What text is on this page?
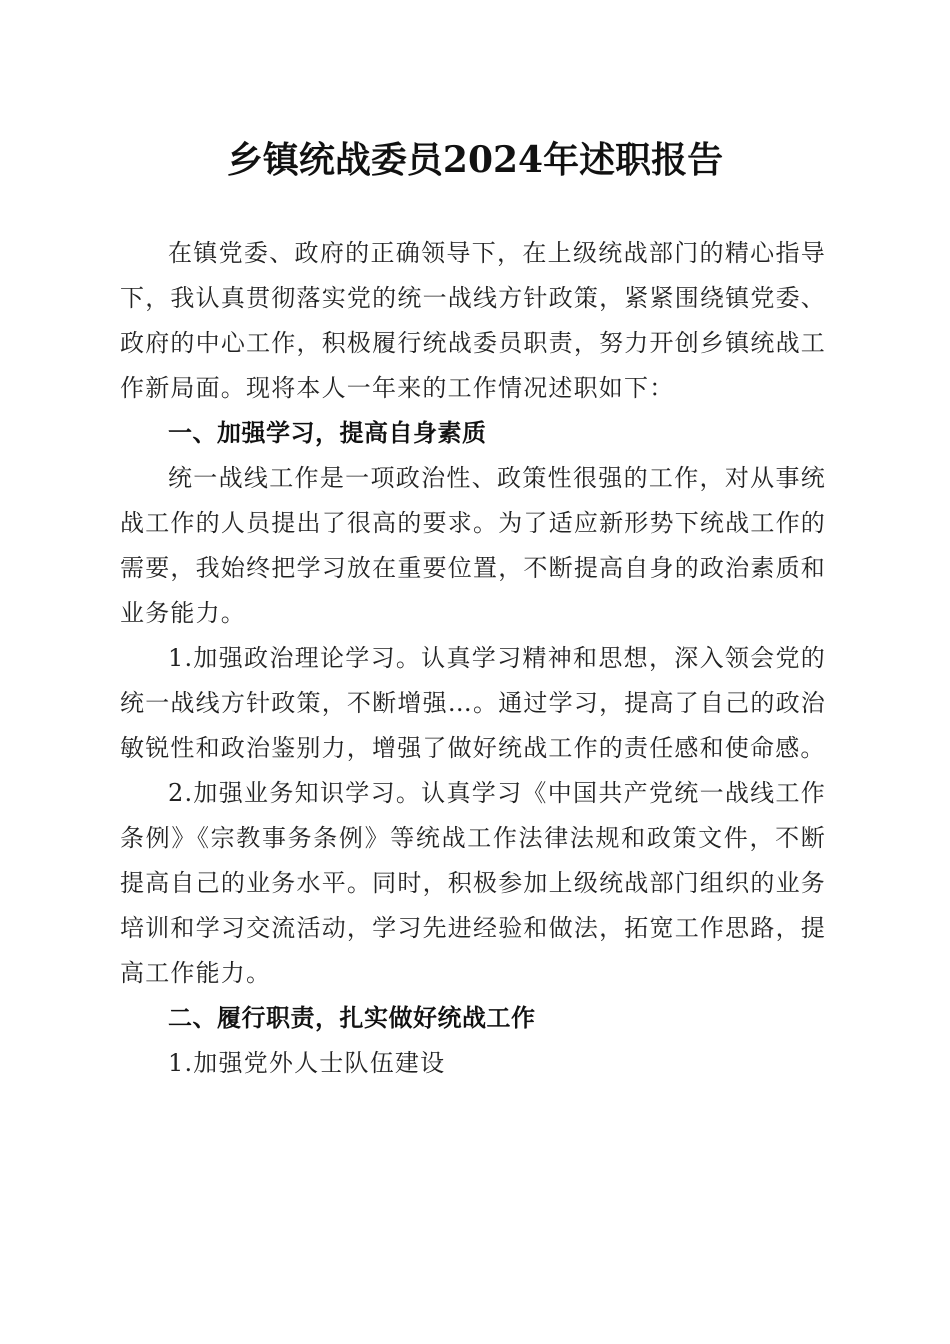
乡镇统战委员2024年述职报告

在镇党委、政府的正确领导下，在上级统战部门的精心指导下，我认真贯彻落实党的统一战线方针政策，紧紧围绕镇党委、政府的中心工作，积极履行统战委员职责，努力开创乡镇统战工作新局面。现将本人一年来的工作情况述职如下：

一、加强学习，提高自身素质

统一战线工作是一项政治性、政策性很强的工作，对从事统战工作的人员提出了很高的要求。为了适应新形势下统战工作的需要，我始终把学习放在重要位置，不断提高自身的政治素质和业务能力。

1.加强政治理论学习。认真学习精神和思想，深入领会党的统一战线方针政策，不断增强…。通过学习，提高了自己的政治敏锐性和政治鉴别力，增强了做好统战工作的责任感和使命感。

2.加强业务知识学习。认真学习《中国共产党统一战线工作条例》《宗教事务条例》等统战工作法律法规和政策文件，不断提高自己的业务水平。同时，积极参加上级统战部门组织的业务培训和学习交流活动，学习先进经验和做法，拓宽工作思路，提高工作能力。

二、履行职责，扎实做好统战工作

1.加强党外人士队伍建设
